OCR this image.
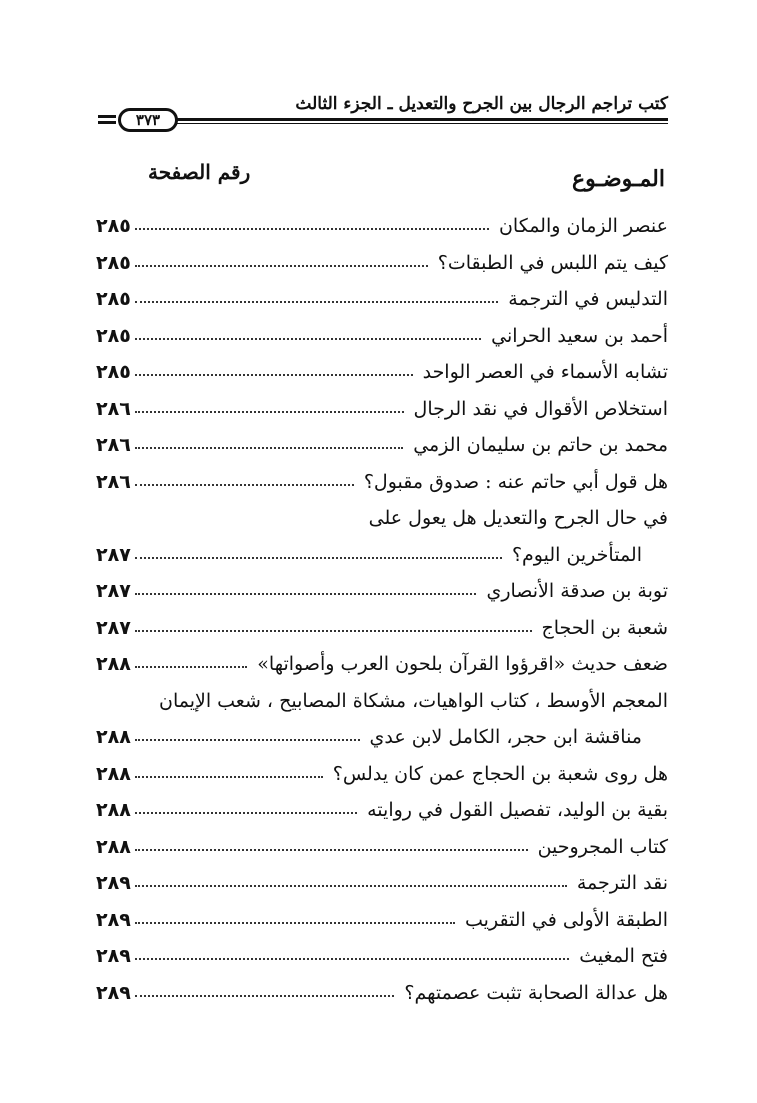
كتب تراجم الرجال بين الجرح والتعديل ـ الجزء الثالث
٣٧٣
المـوضـوع
رقم الصفحة
عنصر الزمان والمكان
٢٨٥
كيف يتم اللبس في الطبقات؟
٢٨٥
التدليس في الترجمة
٢٨٥
أحمد بن سعيد الحراني
٢٨٥
تشابه الأسماء في العصر الواحد
٢٨٥
استخلاص الأقوال في نقد الرجال
٢٨٦
محمد بن حاتم بن سليمان الزمي
٢٨٦
هل قول أبي حاتم عنه : صدوق مقبول؟
٢٨٦
في حال الجرح والتعديل هل يعول على
المتأخرين اليوم؟
٢٨٧
توبة بن صدقة الأنصاري
٢٨٧
شعبة بن الحجاج
٢٨٧
ضعف حديث «اقرؤوا القرآن بلحون العرب وأصواتها»
٢٨٨
المعجم الأوسط ، كتاب الواهيات، مشكاة المصابيح ، شعب الإيمان
مناقشة ابن حجر، الكامل لابن عدي
٢٨٨
هل روى شعبة بن الحجاج عمن كان يدلس؟
٢٨٨
بقية بن الوليد، تفصيل القول في روايته
٢٨٨
كتاب المجروحين
٢٨٨
نقد الترجمة
٢٨٩
الطبقة الأولى في التقريب
٢٨٩
فتح المغيث
٢٨٩
هل عدالة الصحابة تثبت عصمتهم؟
٢٨٩
